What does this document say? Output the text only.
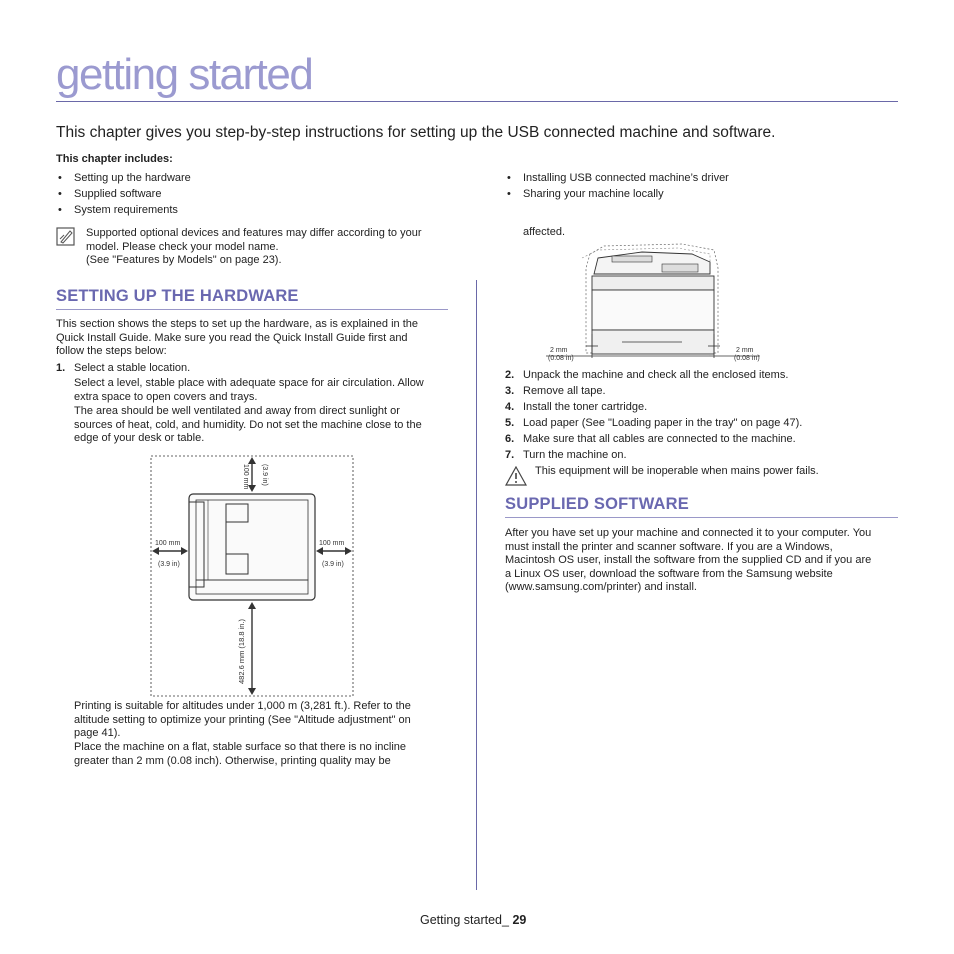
getting started
This chapter gives you step-by-step instructions for setting up the USB connected machine and software.
This chapter includes:
• Setting up the hardware
• Supplied software
• System requirements
• Installing USB connected machine’s driver
• Sharing your machine locally
Supported optional devices and features may differ according to your
model. Please check your model name.
(See "Features by Models" on page 23).
SETTING UP THE HARDWARE
This section shows the steps to set up the hardware, as is explained in the
Quick Install Guide. Make sure you read the Quick Install Guide first and
follow the steps below:
1. Select a stable location.
Select a level, stable place with adequate space for air circulation. Allow
extra space to open covers and trays.
The area should be well ventilated and away from direct sunlight or
sources of heat, cold, and humidity. Do not set the machine close to the
edge of your desk or table.
100 mm (3.9 in)
100 mm
(3.9 in)
100 mm
(3.9 in)
482.6 mm (18.8 in.)
Printing is suitable for altitudes under 1,000 m (3,281 ft.). Refer to the
altitude setting to optimize your printing (See "Altitude adjustment" on
page 41).
Place the machine on a flat, stable surface so that there is no incline
greater than 2 mm (0.08 inch). Otherwise, printing quality may be
affected.
2 mm
(0.08 in)
2 mm
(0.08 in)
2. Unpack the machine and check all the enclosed items.
3. Remove all tape.
4. Install the toner cartridge.
5. Load paper (See "Loading paper in the tray" on page 47).
6. Make sure that all cables are connected to the machine.
7. Turn the machine on.
This equipment will be inoperable when mains power fails.
SUPPLIED SOFTWARE
After you have set up your machine and connected it to your computer. You
must install the printer and scanner software. If you are a Windows,
Macintosh OS user, install the software from the supplied CD and if you are
a Linux OS user, download the software from the Samsung website
(www.samsung.com/printer) and install.
Getting started_ 29
